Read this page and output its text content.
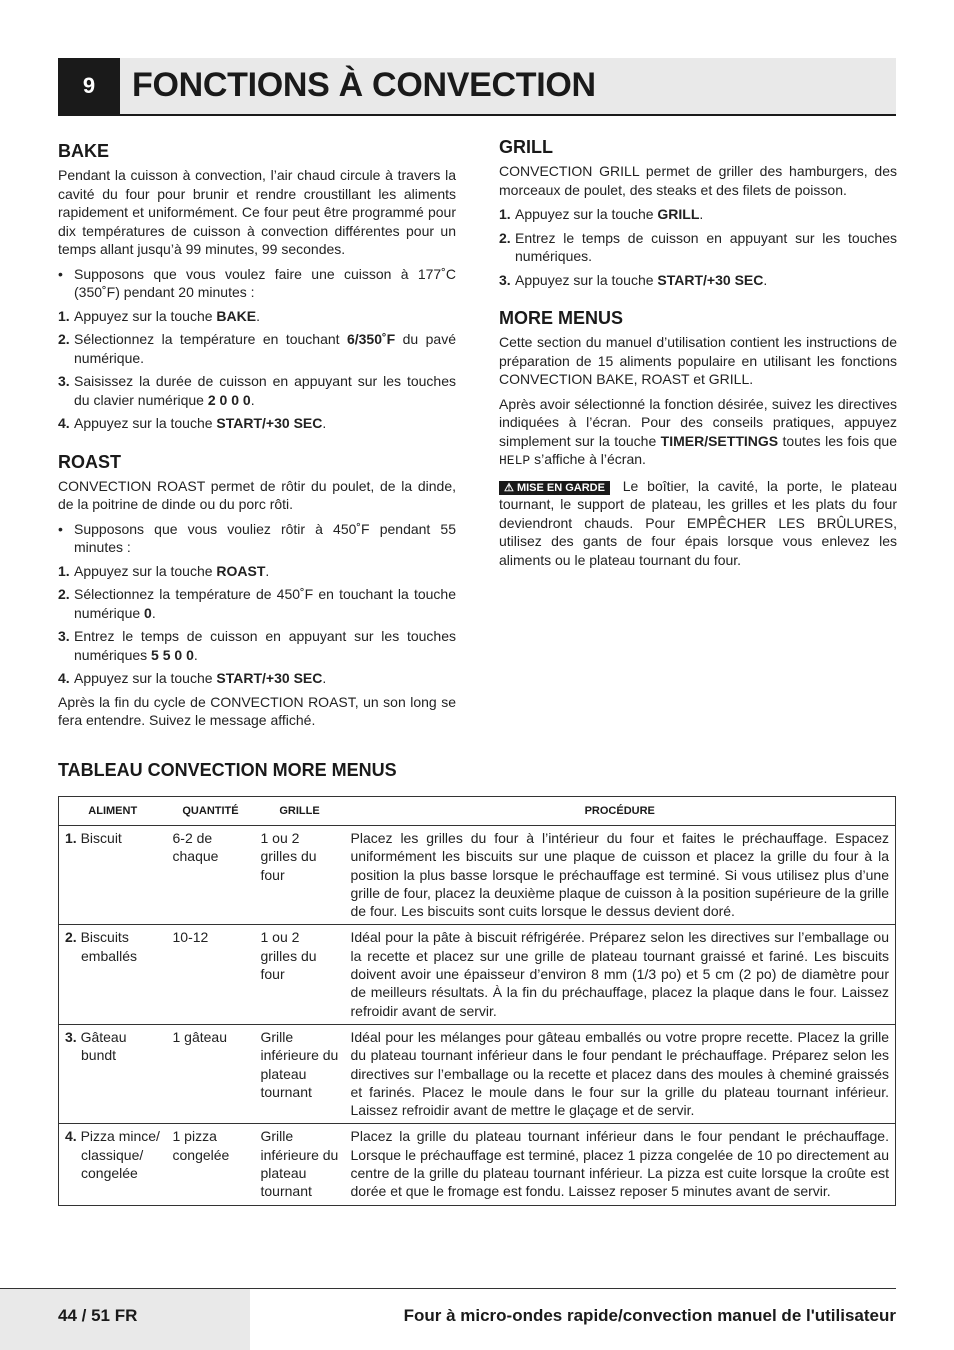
9	FONCTIONS À CONVECTION
BAKE

Pendant la cuisson à convection, l’air chaud circule à travers la cavité du four pour brunir et rendre croustillant les aliments rapidement et uniformément. Ce four peut être programmé pour dix températures de cuisson à convection différentes pour un temps allant jusqu’à 99 minutes, 99 secondes.

• Supposons que vous voulez faire une cuisson à 177˚C (350˚F) pendant 20 minutes :
1. Appuyez sur la touche BAKE.
2. Sélectionnez la température en touchant 6/350˚F du pavé numérique.
3. Saisissez la durée de cuisson en appuyant sur les touches du clavier numérique 2 0 0 0.
4. Appuyez sur la touche START/+30 SEC.
ROAST

CONVECTION ROAST permet de rôtir du poulet, de la dinde, de la poitrine de dinde ou du porc rôti.

• Supposons que vous vouliez rôtir à 450˚F pendant 55 minutes :
1. Appuyez sur la touche ROAST.
2. Sélectionnez la température de 450˚F en touchant la touche numérique 0.
3. Entrez le temps de cuisson en appuyant sur les touches numériques 5 5 0 0.
4. Appuyez sur la touche START/+30 SEC.

Après la fin du cycle de CONVECTION ROAST, un son long se fera entendre. Suivez le message affiché.

GRILL

CONVECTION GRILL permet de griller des hamburgers, des morceaux de poulet, des steaks et des filets de poisson.

1. Appuyez sur la touche GRILL.
2. Entrez le temps de cuisson en appuyant sur les touches numériques.
3. Appuyez sur la touche START/+30 SEC.
MORE MENUS

Cette section du manuel d’utilisation contient les instructions de préparation de 15 aliments populaire en utilisant les fonctions CONVECTION BAKE, ROAST et GRILL.

Après avoir sélectionné la fonction désirée, suivez les directives indiquées à l’écran. Pour des conseils pratiques, appuyez simplement sur la touche TIMER/SETTINGS toutes les fois que HELP s’affiche à l’écran.

⚠ MISE EN GARDE Le boîtier, la cavité, la porte, le plateau tournant, le support de plateau, les grilles et les plats du four deviendront chauds. Pour EMPÊCHER LES BRÛLURES, utilisez des gants de four épais lorsque vous enlevez les aliments ou le plateau tournant du four.

TABLEAU CONVECTION MORE MENUS
ALIMENT	QUANTITÉ	GRILLE	PROCÉDURE
1. Biscuit	6-2 de chaque	1 ou 2 grilles du four	Placez les grilles du four à l’intérieur du four et faites le préchauffage. Espacez uniformément les biscuits sur une plaque de cuisson et placez la grille du four à la position la plus basse lorsque le préchauffage est terminé. Si vous utilisez plus d’une grille de four, placez la deuxième plaque de cuisson à la position supérieure de la grille de four. Les biscuits sont cuits lorsque le dessus devient doré.
2. Biscuits emballés	10-12	1 ou 2 grilles du four	Idéal pour la pâte à biscuit réfrigérée. Préparez selon les directives sur l’emballage ou la recette et placez sur une grille de plateau tournant graissé et fariné. Les biscuits doivent avoir une épaisseur d’environ 8 mm (1/3 po) et 5 cm (2 po) de diamètre pour de meilleurs résultats. À la fin du préchauffage, placez la plaque dans le four. Laissez refroidir avant de servir.
3. Gâteau bundt	1 gâteau	Grille inférieure du plateau tournant	Idéal pour les mélanges pour gâteau emballés ou votre propre recette. Placez la grille du plateau tournant inférieur dans le four pendant le préchauffage. Préparez selon les directives sur l’emballage ou la recette et placez dans des moules à cheminé graissés et farinés. Placez le moule dans le four sur la grille du plateau tournant inférieur. Laissez refroidir avant de mettre le glaçage et de servir.
4. Pizza mince/ classique/ congelée	1 pizza congelée	Grille inférieure du plateau tournant	Placez la grille du plateau tournant inférieur dans le four pendant le préchauffage. Lorsque le préchauffage est terminé, placez 1 pizza congelée de 10 po directement au centre de la grille du plateau tournant inférieur. La pizza est cuite lorsque la croûte est dorée et que le fromage est fondu. Laissez reposer 5 minutes avant de servir.
44 / 51 FR	Four à micro-ondes rapide/convection manuel de l'utilisateur
